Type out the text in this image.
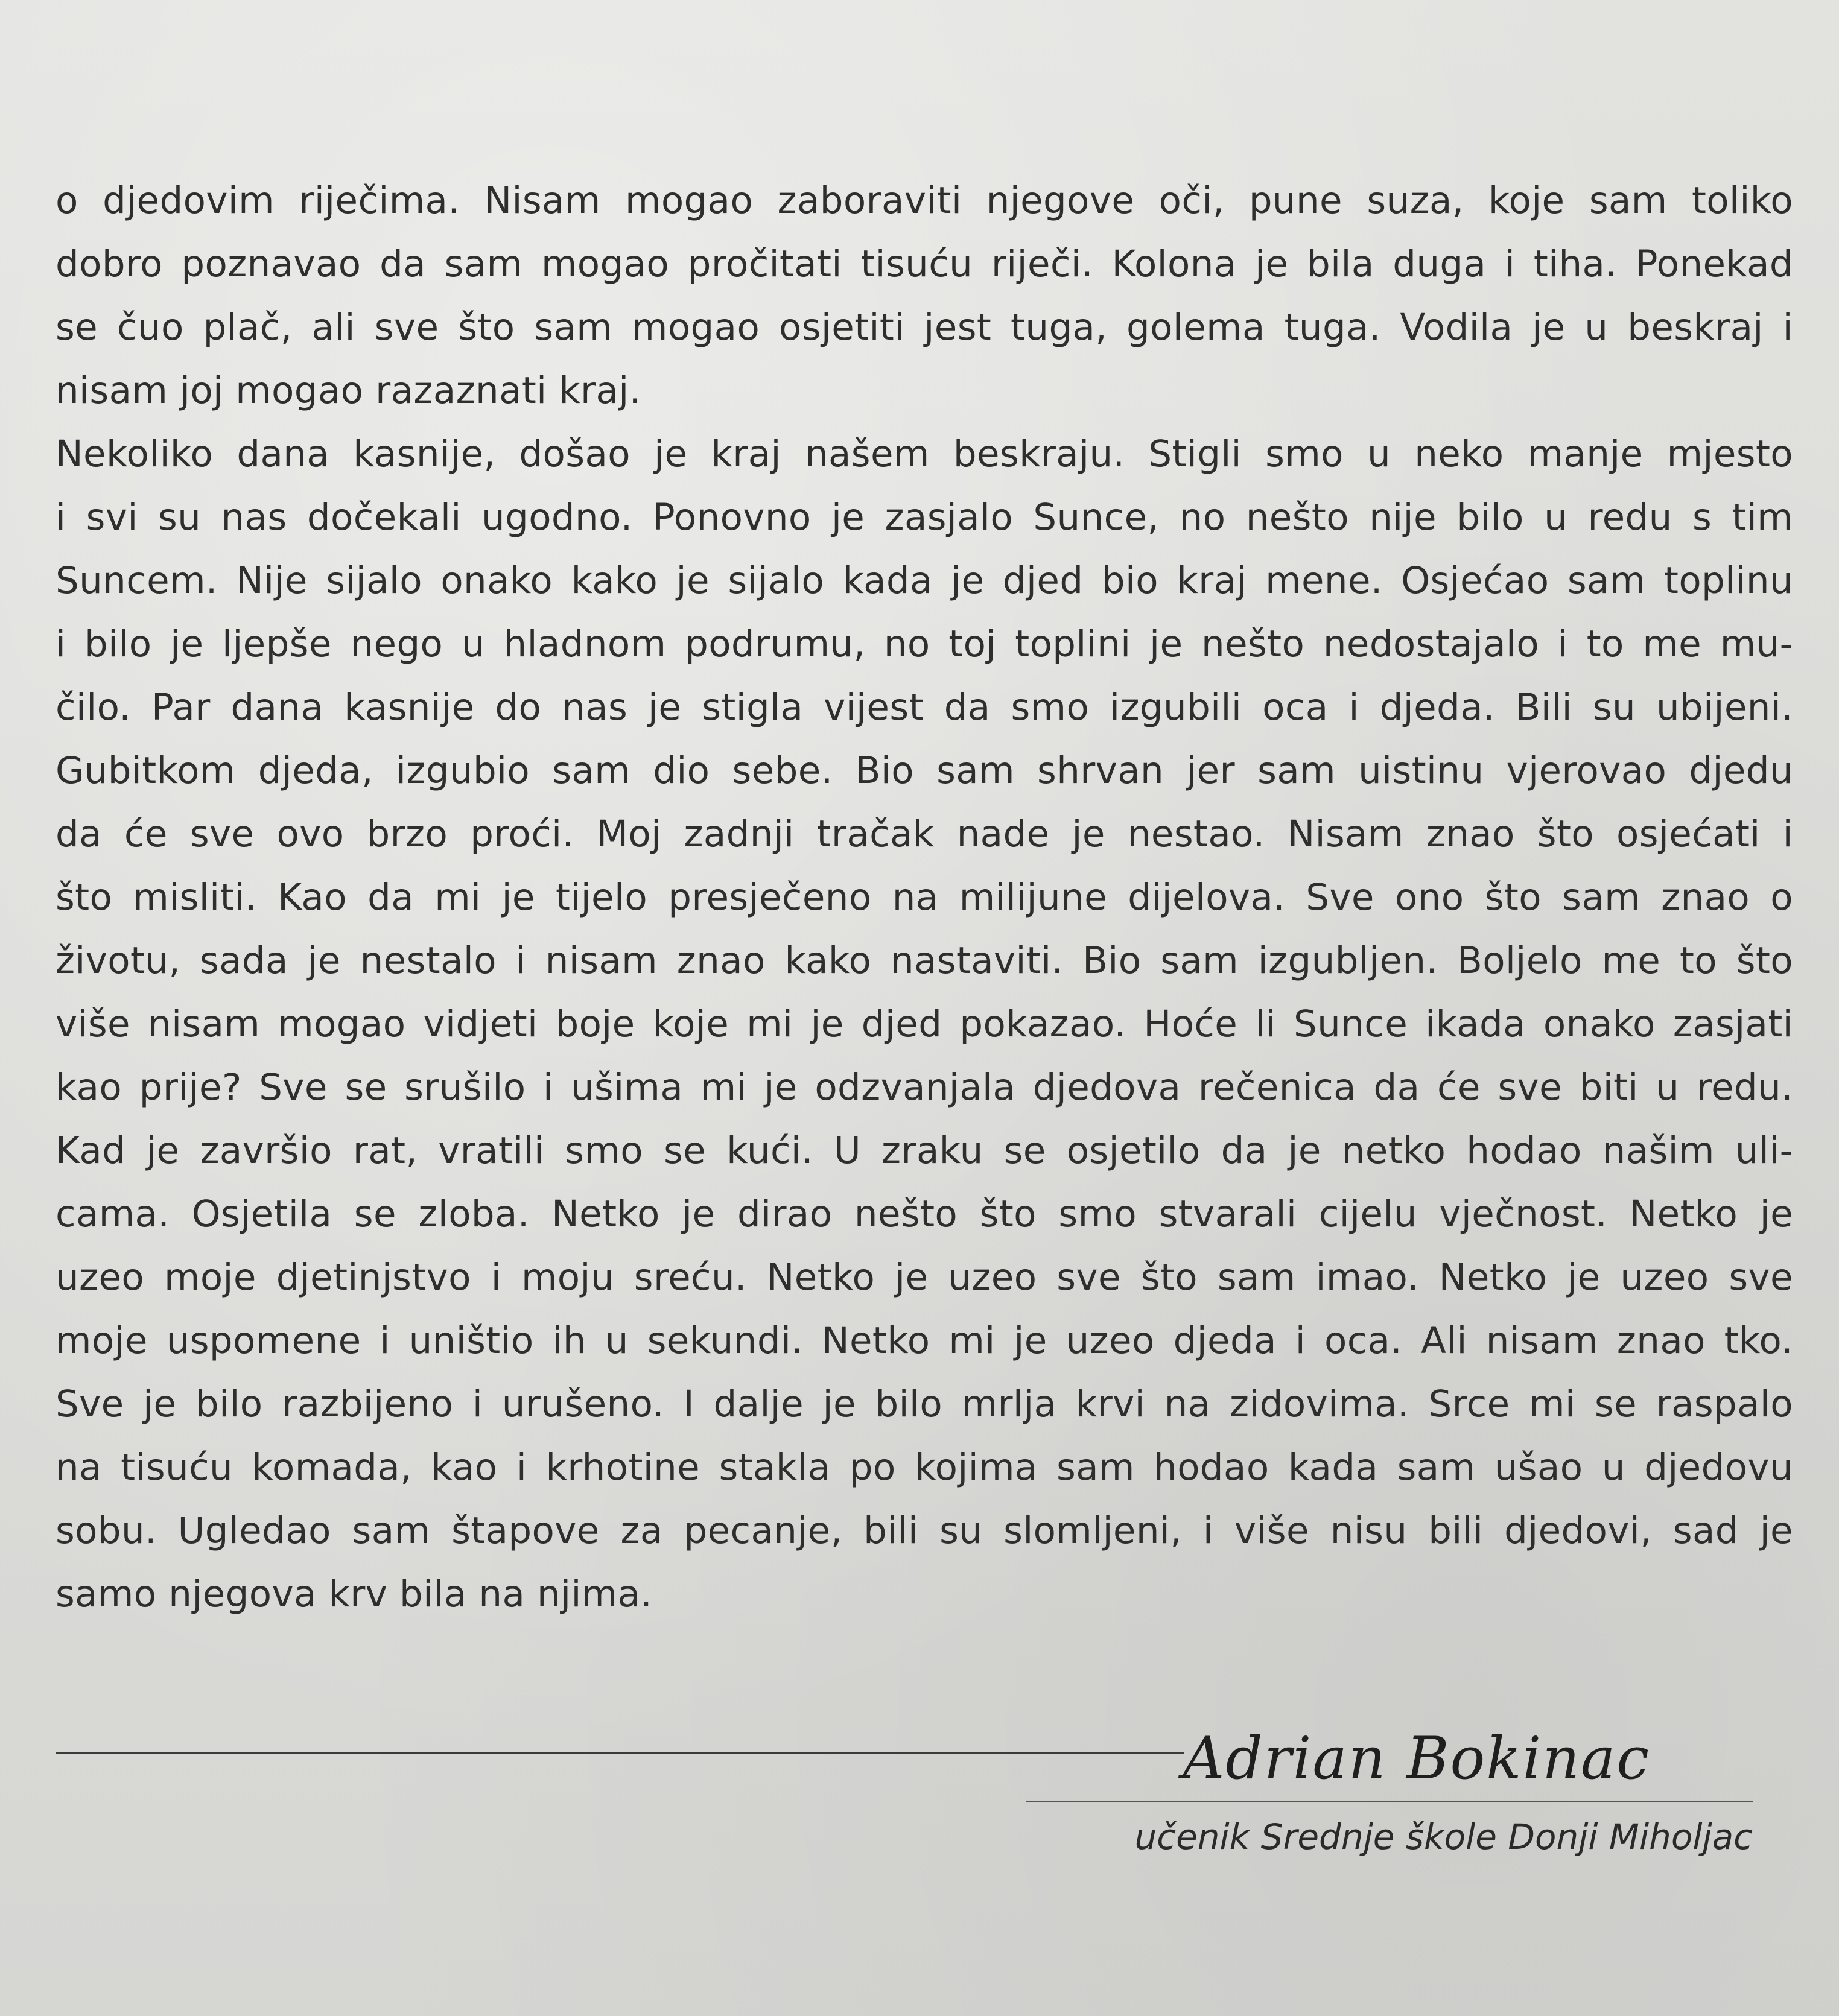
o djedovim riječima. Nisam mogao zaboraviti njegove oči, pune suza, koje sam toliko
dobro poznavao da sam mogao pročitati tisuću riječi. Kolona je bila duga i tiha. Ponekad
se čuo plač, ali sve što sam mogao osjetiti jest tuga, golema tuga. Vodila je u beskraj i
nisam joj mogao razaznati kraj.
Nekoliko dana kasnije, došao je kraj našem beskraju. Stigli smo u neko manje mjesto
i svi su nas dočekali ugodno. Ponovno je zasjalo Sunce, no nešto nije bilo u redu s tim
Suncem. Nije sijalo onako kako je sijalo kada je djed bio kraj mene. Osjećao sam toplinu
i bilo je ljepše nego u hladnom podrumu, no toj toplini je nešto nedostajalo i to me mu-
čilo. Par dana kasnije do nas je stigla vijest da smo izgubili oca i djeda. Bili su ubijeni.
Gubitkom djeda, izgubio sam dio sebe. Bio sam shrvan jer sam uistinu vjerovao djedu
da će sve ovo brzo proći. Moj zadnji tračak nade je nestao. Nisam znao što osjećati i
što misliti. Kao da mi je tijelo presječeno na milijune dijelova. Sve ono što sam znao o
životu, sada je nestalo i nisam znao kako nastaviti. Bio sam izgubljen. Boljelo me to što
više nisam mogao vidjeti boje koje mi je djed pokazao. Hoće li Sunce ikada onako zasjati
kao prije? Sve se srušilo i ušima mi je odzvanjala djedova rečenica da će sve biti u redu.
Kad je završio rat, vratili smo se kući. U zraku se osjetilo da je netko hodao našim uli-
cama. Osjetila se zloba. Netko je dirao nešto što smo stvarali cijelu vječnost. Netko je
uzeo moje djetinjstvo i moju sreću. Netko je uzeo sve što sam imao. Netko je uzeo sve
moje uspomene i uništio ih u sekundi. Netko mi je uzeo djeda i oca. Ali nisam znao tko.
Sve je bilo razbijeno i urušeno. I dalje je bilo mrlja krvi na zidovima. Srce mi se raspalo
na tisuću komada, kao i krhotine stakla po kojima sam hodao kada sam ušao u djedovu
sobu. Ugledao sam štapove za pecanje, bili su slomljeni, i više nisu bili djedovi, sad je
samo njegova krv bila na njima.
Adrian Bokinac
učenik Srednje škole Donji Miholjac
